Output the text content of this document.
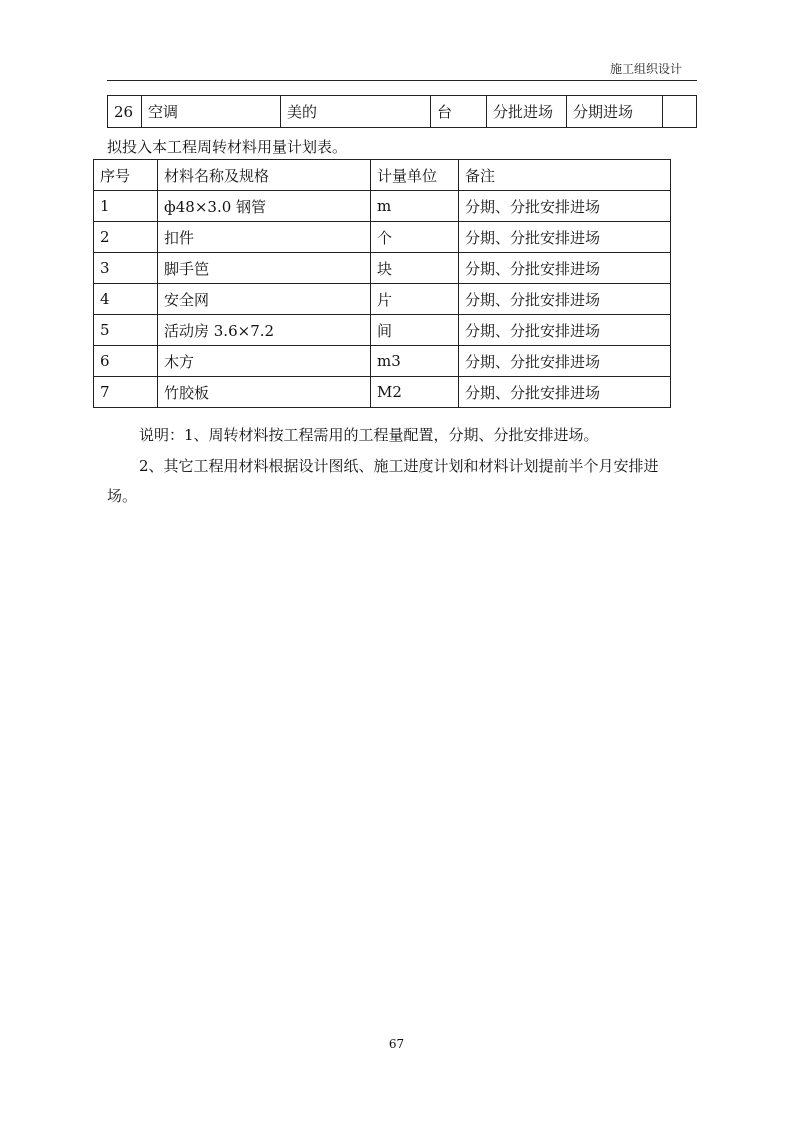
施工组织设计
26	空调	美的	台	分批进场	分期进场	
拟投入本工程周转材料用量计划表。
序号	材料名称及规格	计量单位	备注
1	ф48×3.0 钢管	m	分期、分批安排进场
2	扣件	个	分期、分批安排进场
3	脚手笆	块	分期、分批安排进场
4	安全网	片	分期、分批安排进场
5	活动房 3.6×7.2	间	分期、分批安排进场
6	木方	m3	分期、分批安排进场
7	竹胶板	M2	分期、分批安排进场
说明：1、周转材料按工程需用的工程量配置，分期、分批安排进场。
2、其它工程用材料根据设计图纸、施工进度计划和材料计划提前半个月安排进
场。
67
